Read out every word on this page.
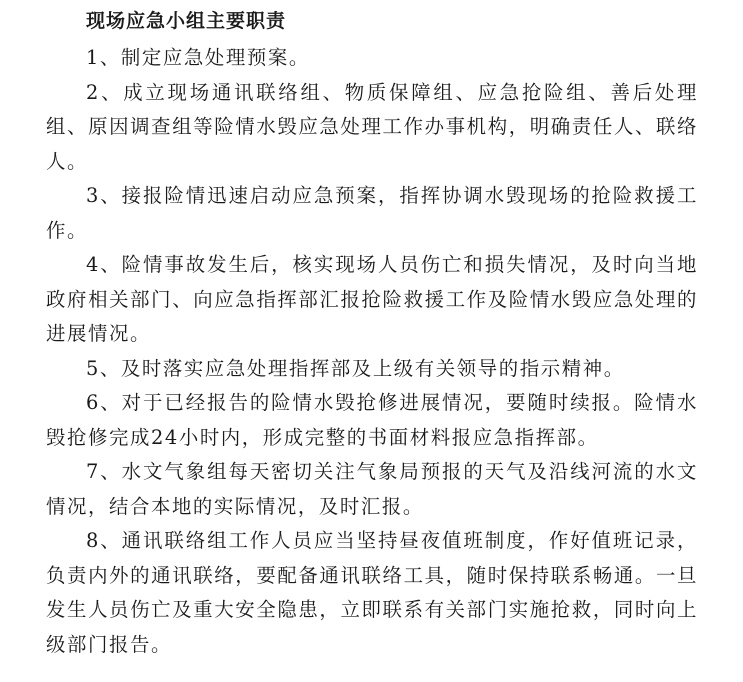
现场应急小组主要职责

1、制定应急处理预案。

2、成立现场通讯联络组、物质保障组、应急抢险组、善后处理组、原因调查组等险情水毁应急处理工作办事机构，明确责任人、联络人。

3、接报险情迅速启动应急预案，指挥协调水毁现场的抢险救援工作。

4、险情事故发生后，核实现场人员伤亡和损失情况，及时向当地政府相关部门、向应急指挥部汇报抢险救援工作及险情水毁应急处理的进展情况。

5、及时落实应急处理指挥部及上级有关领导的指示精神。

6、对于已经报告的险情水毁抢修进展情况，要随时续报。险情水毁抢修完成24小时内，形成完整的书面材料报应急指挥部。

7、水文气象组每天密切关注气象局预报的天气及沿线河流的水文情况，结合本地的实际情况，及时汇报。

8、通讯联络组工作人员应当坚持昼夜值班制度，作好值班记录，负责内外的通讯联络，要配备通讯联络工具，随时保持联系畅通。一旦发生人员伤亡及重大安全隐患，立即联系有关部门实施抢救，同时向上级部门报告。
